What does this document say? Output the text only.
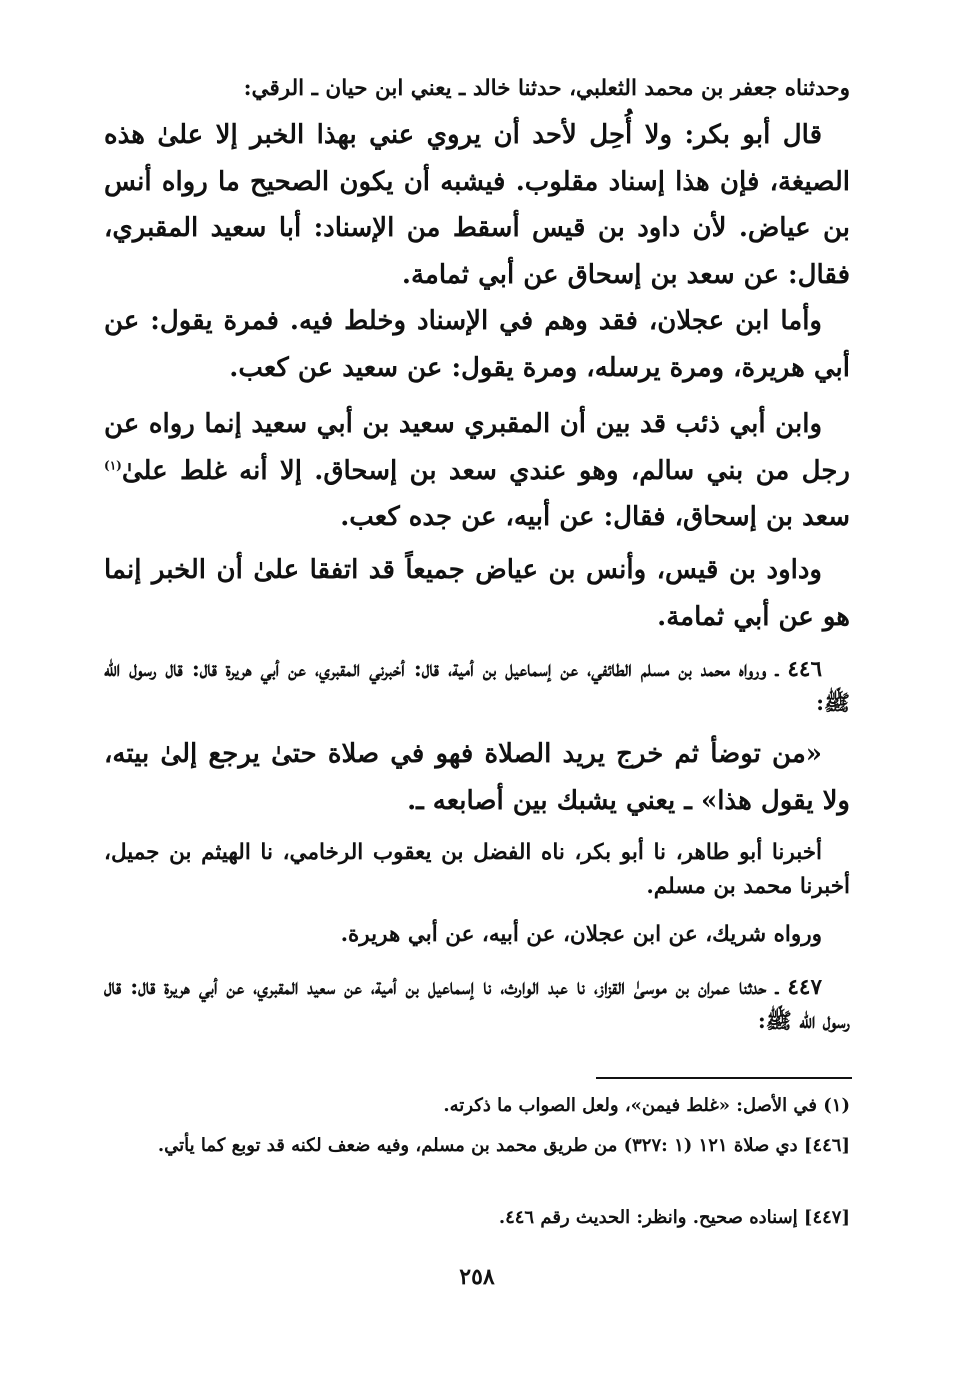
وحدثناه جعفر بن محمد الثعلبي، حدثنا خالد ـ يعني ابن حيان ـ الرقي:

قال أبو بكر: ولا أُحِل لأحد أن يروي عني بهذا الخبر إلا علىٰ هذه الصيغة، فإن هذا إسناد مقلوب. فيشبه أن يكون الصحيح ما رواه أنس بن عياض. لأن داود بن قيس أسقط من الإسناد: أبا سعيد المقبري، فقال: عن سعد بن إسحاق عن أبي ثمامة.

وأما ابن عجلان، فقد وهم في الإسناد وخلط فيه. فمرة يقول: عن أبي هريرة، ومرة يرسله، ومرة يقول: عن سعيد عن كعب.

وابن أبي ذئب قد بين أن المقبري سعيد بن أبي سعيد إنما رواه عن رجل من بني سالم، وهو عندي سعد بن إسحاق. إلا أنه غلط علىٰ$^{(١)}$ سعد بن إسحاق، فقال: عن أبيه، عن جده كعب.

وداود بن قيس، وأنس بن عياض جميعاً قد اتفقا علىٰ أن الخبر إنما هو عن أبي ثمامة.

٤٤٦ ـ ورواه محمد بن مسلم الطائفي، عن إسماعيل بن أمية، قال: أخبرني المقبري، عن أبي هريرة قال: قال رسول الله ﷺ:

«من توضأ ثم خرج يريد الصلاة فهو في صلاة حتىٰ يرجع إلىٰ بيته، ولا يقول هذا» ـ يعني يشبك بين أصابعه ـ.

أخبرنا أبو طاهر، نا أبو بكر، ناه الفضل بن يعقوب الرخامي، نا الهيثم بن جميل، أخبرنا محمد بن مسلم.

ورواه شريك، عن ابن عجلان، عن أبيه، عن أبي هريرة.

٤٤٧ ـ حدثنا عمران بن موسىٰ القزاز، نا عبد الوارث، نا إسماعيل بن أمية، عن سعيد المقبري، عن أبي هريرة قال: قال رسول الله ﷺ:

(١) في الأصل: «غلط فيمن»، ولعل الصواب ما ذكرته.

[٤٤٦] دي صلاة ١٢١ (١ :٣٢٧) من طريق محمد بن مسلم، وفيه ضعف لكنه قد توبع كما يأتي.

[٤٤٧] إسناده صحيح. وانظر: الحديث رقم ٤٤٦.

٢٥٨
